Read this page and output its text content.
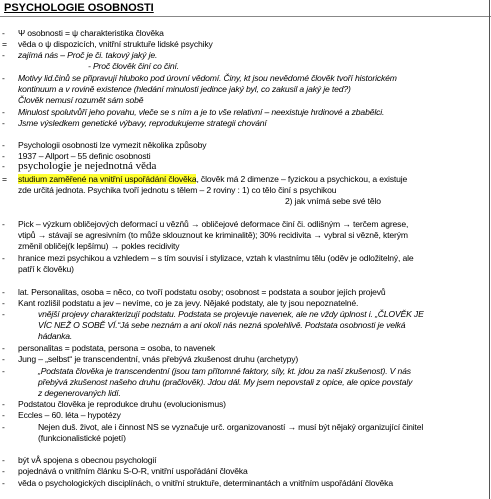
PSYCHOLOGIE OSOBNOSTI
- Ψ osobnosti = ψ charakteristika člověka
= věda o ψ dispozicích, vnitřní struktuře lidské psychiky
- zajímá nás – Proč je či. takový jaký je.
- Proč člověk činí co činí.
- Motivy lid.činů se připravují hluboko pod úrovní vědomí. Činy, kt jsou nevědomé člověk tvoří historickém
kontinuum a v rovině existence (hledání minulosti jedince jaký byl, co zakusil a jaký je ted?)
Člověk nemusí rozumět sám sobě
- Minulost spolutvůří jeho povahu, vleče se s ním a je to vše relativní – neexistuje hrdinové a zbabělci.
- Jsme výsledkem genetické výbavy, reprodukujeme strategii chování
- Psychologii osobnosti lze vymezit několika způsoby
- 1937 – Allport – 55 definic osobnosti
- psychologie je nejednotná věda
= studium zaměřené na vnitřní uspořádání člověka, člověk má 2 dimenze – fyzickou a psychickou, a existuje
zde určitá jednota. Psychika tvoří jednotu s tělem – 2 roviny : 1) co tělo činí s psychikou
2) jak vnímá sebe své tělo
- Pick – výzkum obličejových deformací u vězňů → obličejové deformace činí či. odlišným → terčem agrese,
vtipů → stávají se agresivním (to může sklouznout ke kriminalitě); 30% recidivita → vybral si vězně, kterým
změnil obličej(k lepšímu) → pokles recidivity
- hranice mezi psychikou a vzhledem – s tím souvisí i stylizace, vztah k vlastnímu tělu (oděv je odložitelný, ale
patří k člověku)
- lat. Personalitas, osoba = něco, co tvoří podstatu osoby; osobnost = podstata a soubor jejích projevů
- Kant rozlišil podstatu a jev – nevíme, co je za jevy. Nějaké podstaty, ale ty jsou nepoznatelné.
-	vnější projevy charakterizují podstatu. Podstata se projevuje navenek, ale ne vždy úplnost i. „ČLOVĚK JE
VÍC NEŽ O SOBĚ VÍ.“Já sebe neznám a ani okolí nás nezná spolehlivě. Podstata osobnosti je velká
hádanka.
- personalitas = podstata, persona = osoba, to navenek
- Jung – „selbst“ je transcendentní, vnás přebývá zkušenost druhu (archetypy)
-	„Podstata člověka je transcendentní (jsou tam přítomné faktory, síly, kt. jdou za naší zkušenost). V nás
přebývá zkušenost našeho druhu (pračlověk). Jdou dál. My jsem nepovstali z opice, ale opice povstaly
z degenerovaných lidí.
- Podstatou člověka je reprodukce druhu (evolucionismus)
- Eccles – 60. léta – hypotézy
-	Nejen duš. život, ale i činnost NS se vyznačuje urč. organizovaností → musí být nějaký organizující činitel
(funkcionalistické pojetí)
- být vÅ spojena s obecnou psychologií
- pojednává o vnitřním článku S-O-R, vnitřní uspořádání člověka
- věda o psychologických disciplínách, o vnitřní struktuře, determinantách a vnitřním uspořádání člověka
